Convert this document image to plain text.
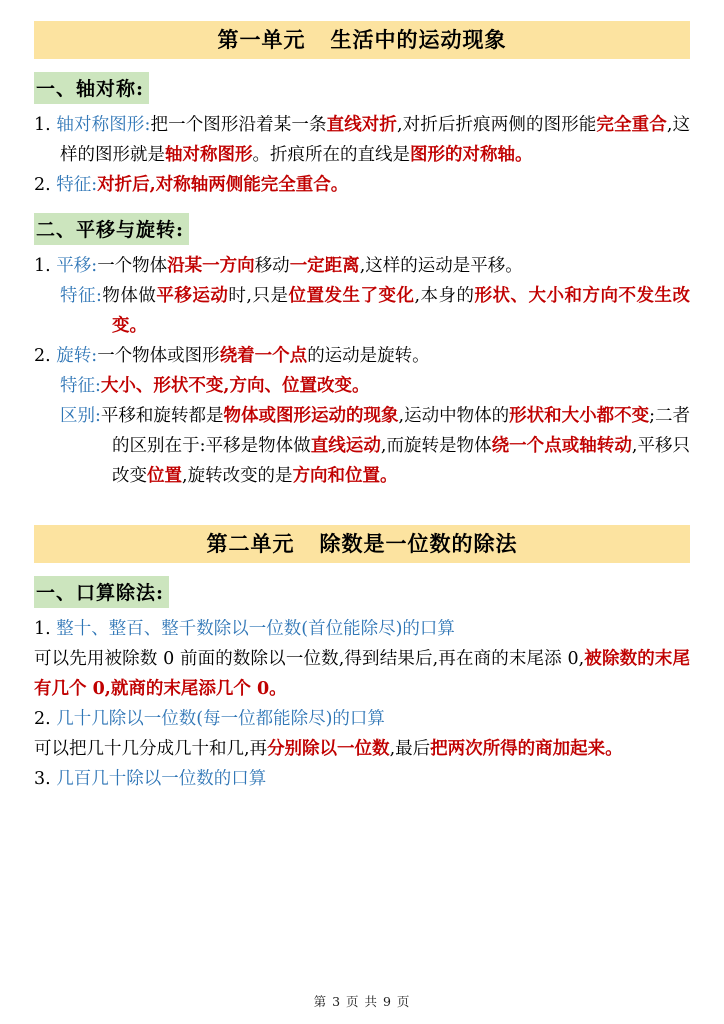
第一单元   生活中的运动现象
一、轴对称:

1. 轴对称图形:把一个图形沿着某一条直线对折,对折后折痕两侧的图形能完全重合,这样的图形就是轴对称图形。折痕所在的直线是图形的对称轴。

2. 特征:对折后,对称轴两侧能完全重合。

二、平移与旋转:

1. 平移:一个物体沿某一方向移动一定距离,这样的运动是平移。

特征:物体做平移运动时,只是位置发生了变化,本身的形状、大小和方向不发生改变。

2. 旋转:一个物体或图形绕着一个点的运动是旋转。

特征:大小、形状不变,方向、位置改变。

区别:平移和旋转都是物体或图形运动的现象,运动中物体的形状和大小都不变;二者的区别在于:平移是物体做直线运动,而旋转是物体绕一个点或轴转动,平移只改变位置,旋转改变的是方向和位置。

第二单元   除数是一位数的除法
一、口算除法:

1. 整十、整百、整千数除以一位数(首位能除尽)的口算

可以先用被除数 0 前面的数除以一位数,得到结果后,再在商的末尾添 0,被除数的末尾有几个 0,就商的末尾添几个 0。

2. 几十几除以一位数(每一位都能除尽)的口算

可以把几十几分成几十和几,再分别除以一位数,最后把两次所得的商加起来。

3. 几百几十除以一位数的口算

第 3 页 共 9 页
